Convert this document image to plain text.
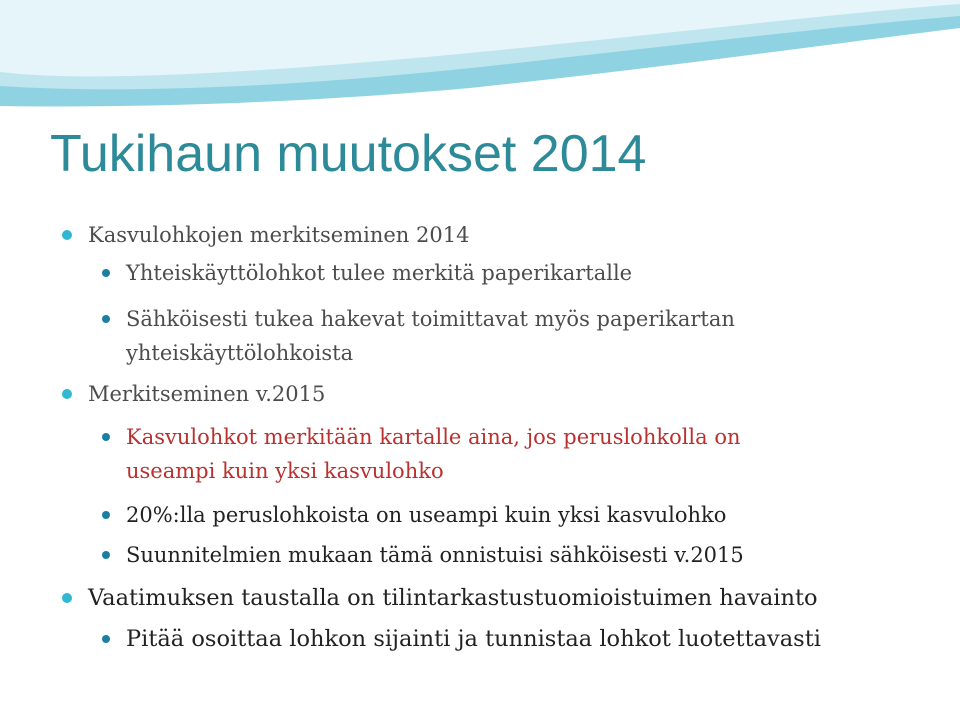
Tukihaun muutokset 2014
Kasvulohkojen merkitseminen 2014
Yhteiskäyttölohkot tulee merkitä paperikartalle
Sähköisesti tukea hakevat toimittavat myös paperikartan
yhteiskäyttölohkoista
Merkitseminen v.2015
Kasvulohkot merkitään kartalle aina, jos peruslohkolla on
useampi kuin yksi kasvulohko
20%:lla peruslohkoista on useampi kuin yksi kasvulohko
Suunnitelmien mukaan tämä onnistuisi sähköisesti v.2015
Vaatimuksen taustalla on tilintarkastustuomioistuimen havainto
Pitää osoittaa lohkon sijainti ja tunnistaa lohkot luotettavasti
